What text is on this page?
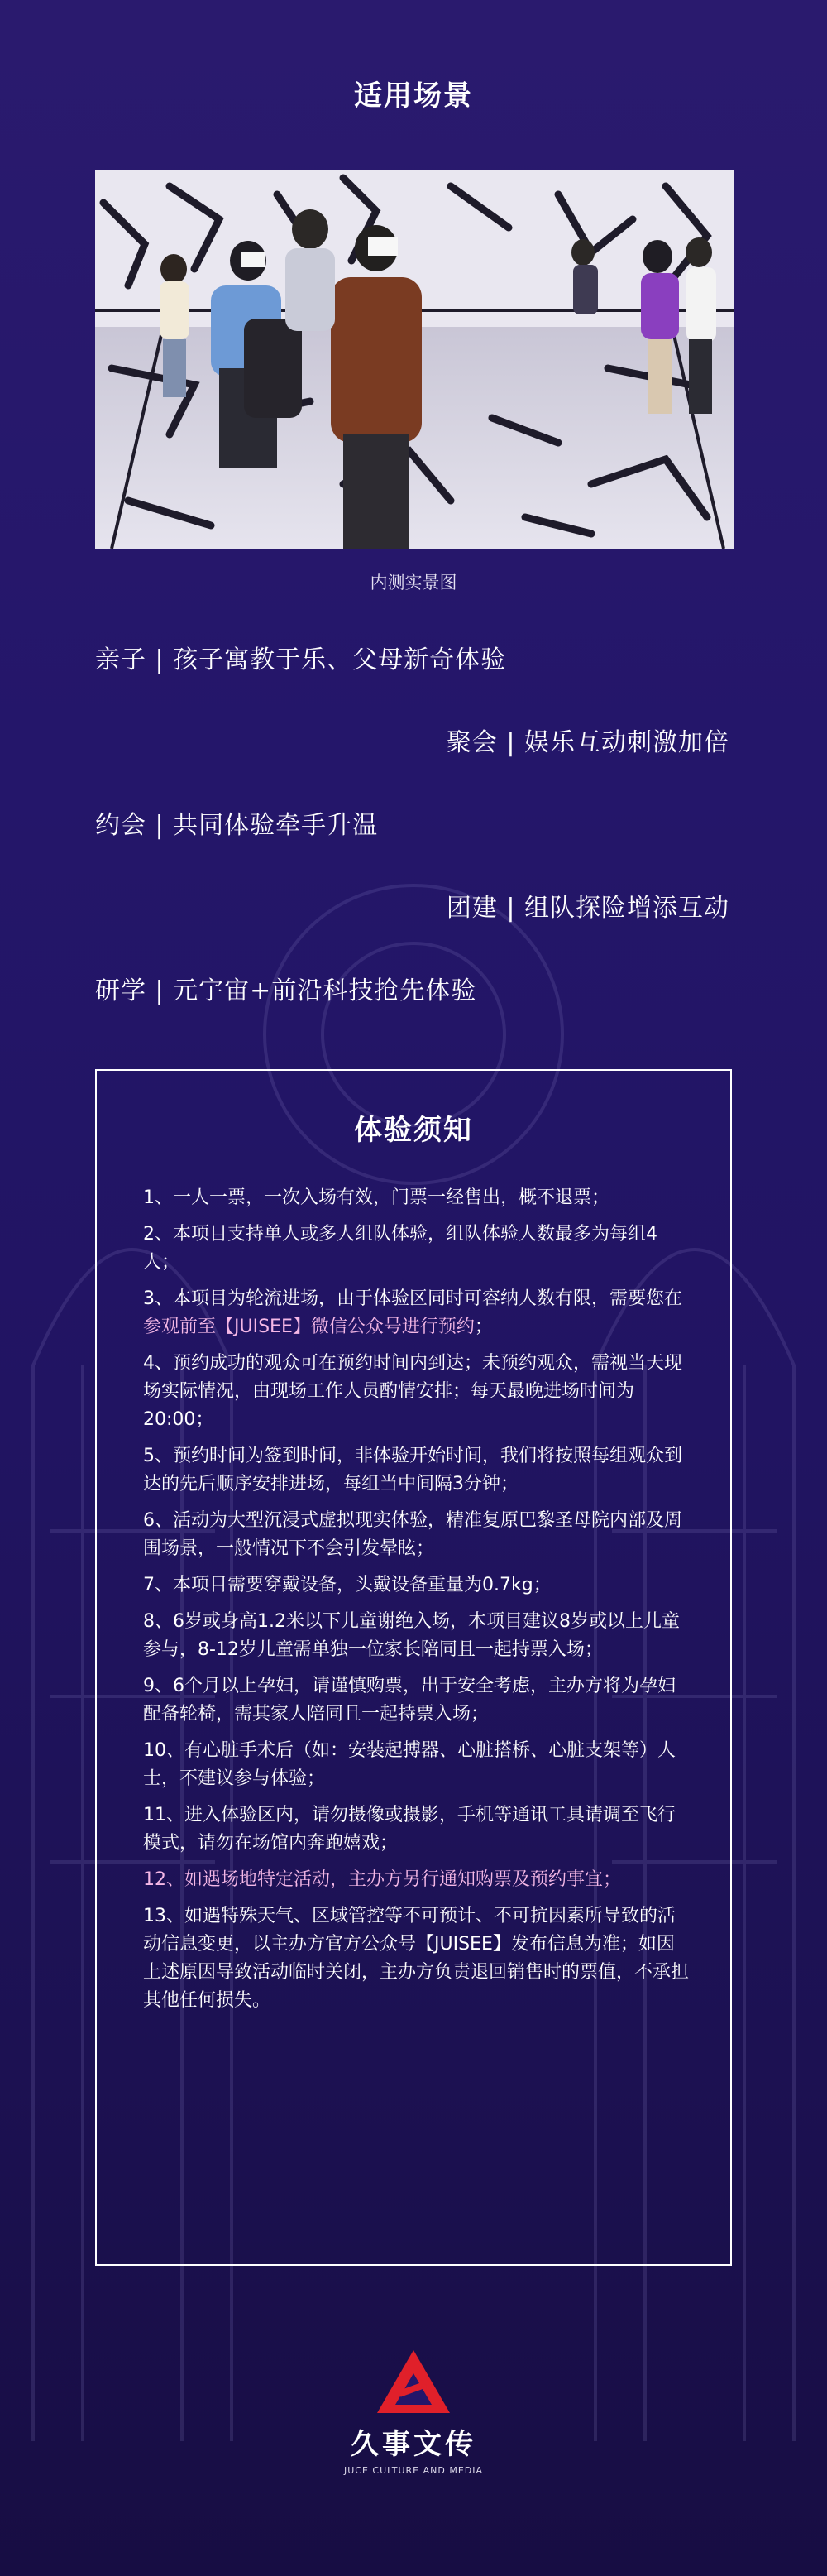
适用场景
内测实景图
亲子 | 孩子寓教于乐、父母新奇体验
聚会 | 娱乐互动刺激加倍
约会 | 共同体验牵手升温
团建 | 组队探险增添互动
研学 | 元宇宙+前沿科技抢先体验
体验须知
1、一人一票，一次入场有效，门票一经售出，概不退票；
2、本项目支持单人或多人组队体验，组队体验人数最多为每组4人；
3、本项目为轮流进场，由于体验区同时可容纳人数有限，需要您在参观前至【JUISEE】微信公众号进行预约；
4、预约成功的观众可在预约时间内到达；未预约观众，需视当天现场实际情况，由现场工作人员酌情安排；每天最晚进场时间为20:00；
5、预约时间为签到时间，非体验开始时间，我们将按照每组观众到达的先后顺序安排进场，每组当中间隔3分钟；
6、活动为大型沉浸式虚拟现实体验，精准复原巴黎圣母院内部及周围场景，一般情况下不会引发晕眩；
7、本项目需要穿戴设备，头戴设备重量为0.7kg；
8、6岁或身高1.2米以下儿童谢绝入场，本项目建议8岁或以上儿童参与，8-12岁儿童需单独一位家长陪同且一起持票入场；
9、6个月以上孕妇，请谨慎购票，出于安全考虑，主办方将为孕妇配备轮椅，需其家人陪同且一起持票入场；
10、有心脏手术后（如：安装起搏器、心脏搭桥、心脏支架等）人士，不建议参与体验；
11、进入体验区内，请勿摄像或摄影，手机等通讯工具请调至飞行模式，请勿在场馆内奔跑嬉戏；
12、如遇场地特定活动，主办方另行通知购票及预约事宜；
13、如遇特殊天气、区域管控等不可预计、不可抗因素所导致的活动信息变更，以主办方官方公众号【JUISEE】发布信息为准；如因上述原因导致活动临时关闭，主办方负责退回销售时的票值，不承担其他任何损失。
久事文传
JUCE CULTURE AND MEDIA
